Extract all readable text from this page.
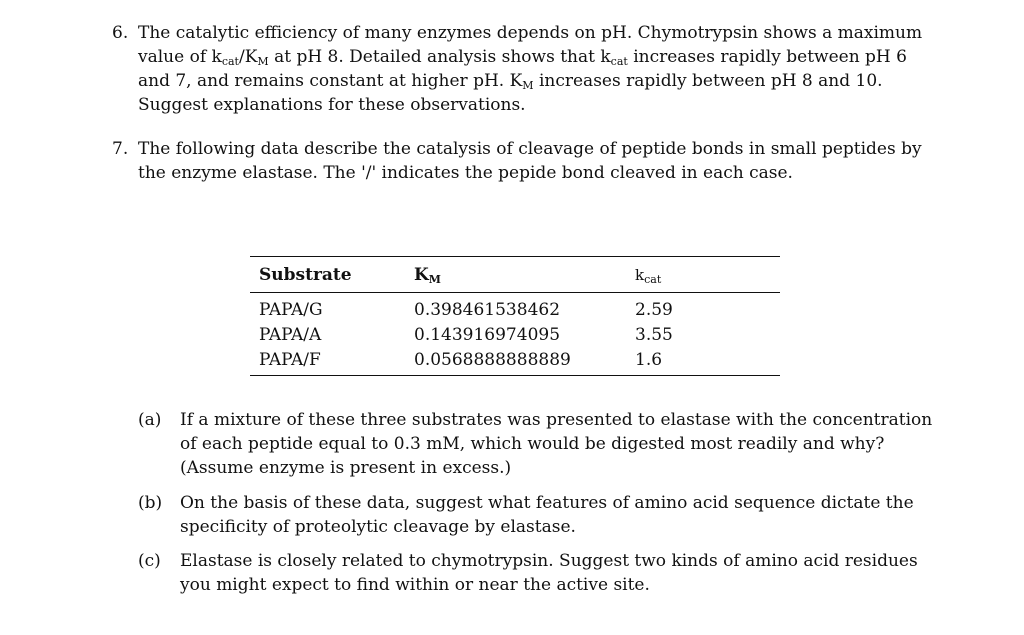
6. The catalytic efficiency of many enzymes depends on pH. Chymotrypsin shows a maximum
value of $k_{cat}/K_M$ at pH 8. Detailed analysis shows that $k_{cat}$ increases rapidly between pH 6
and 7, and remains constant at higher pH. $K_M$ increases rapidly between pH 8 and 10.
Suggest explanations for these observations.
7. The following data describe the catalysis of cleavage of peptide bonds in small peptides by
the enzyme elastase. The '/' indicates the pepide bond cleaved in each case.
Substrate	$K_M$	$k_{cat}$
PAPA/G	0.398461538462	2.59
PAPA/A	0.143916974095	3.55
PAPA/F	0.0568888888889	1.6
(a) If a mixture of these three substrates was presented to elastase with the concentration
of each peptide equal to 0.3 mM, which would be digested most readily and why?
(Assume enzyme is present in excess.)
(b) On the basis of these data, suggest what features of amino acid sequence dictate the
specificity of proteolytic cleavage by elastase.
(c) Elastase is closely related to chymotrypsin. Suggest two kinds of amino acid residues
you might expect to find within or near the active site.
